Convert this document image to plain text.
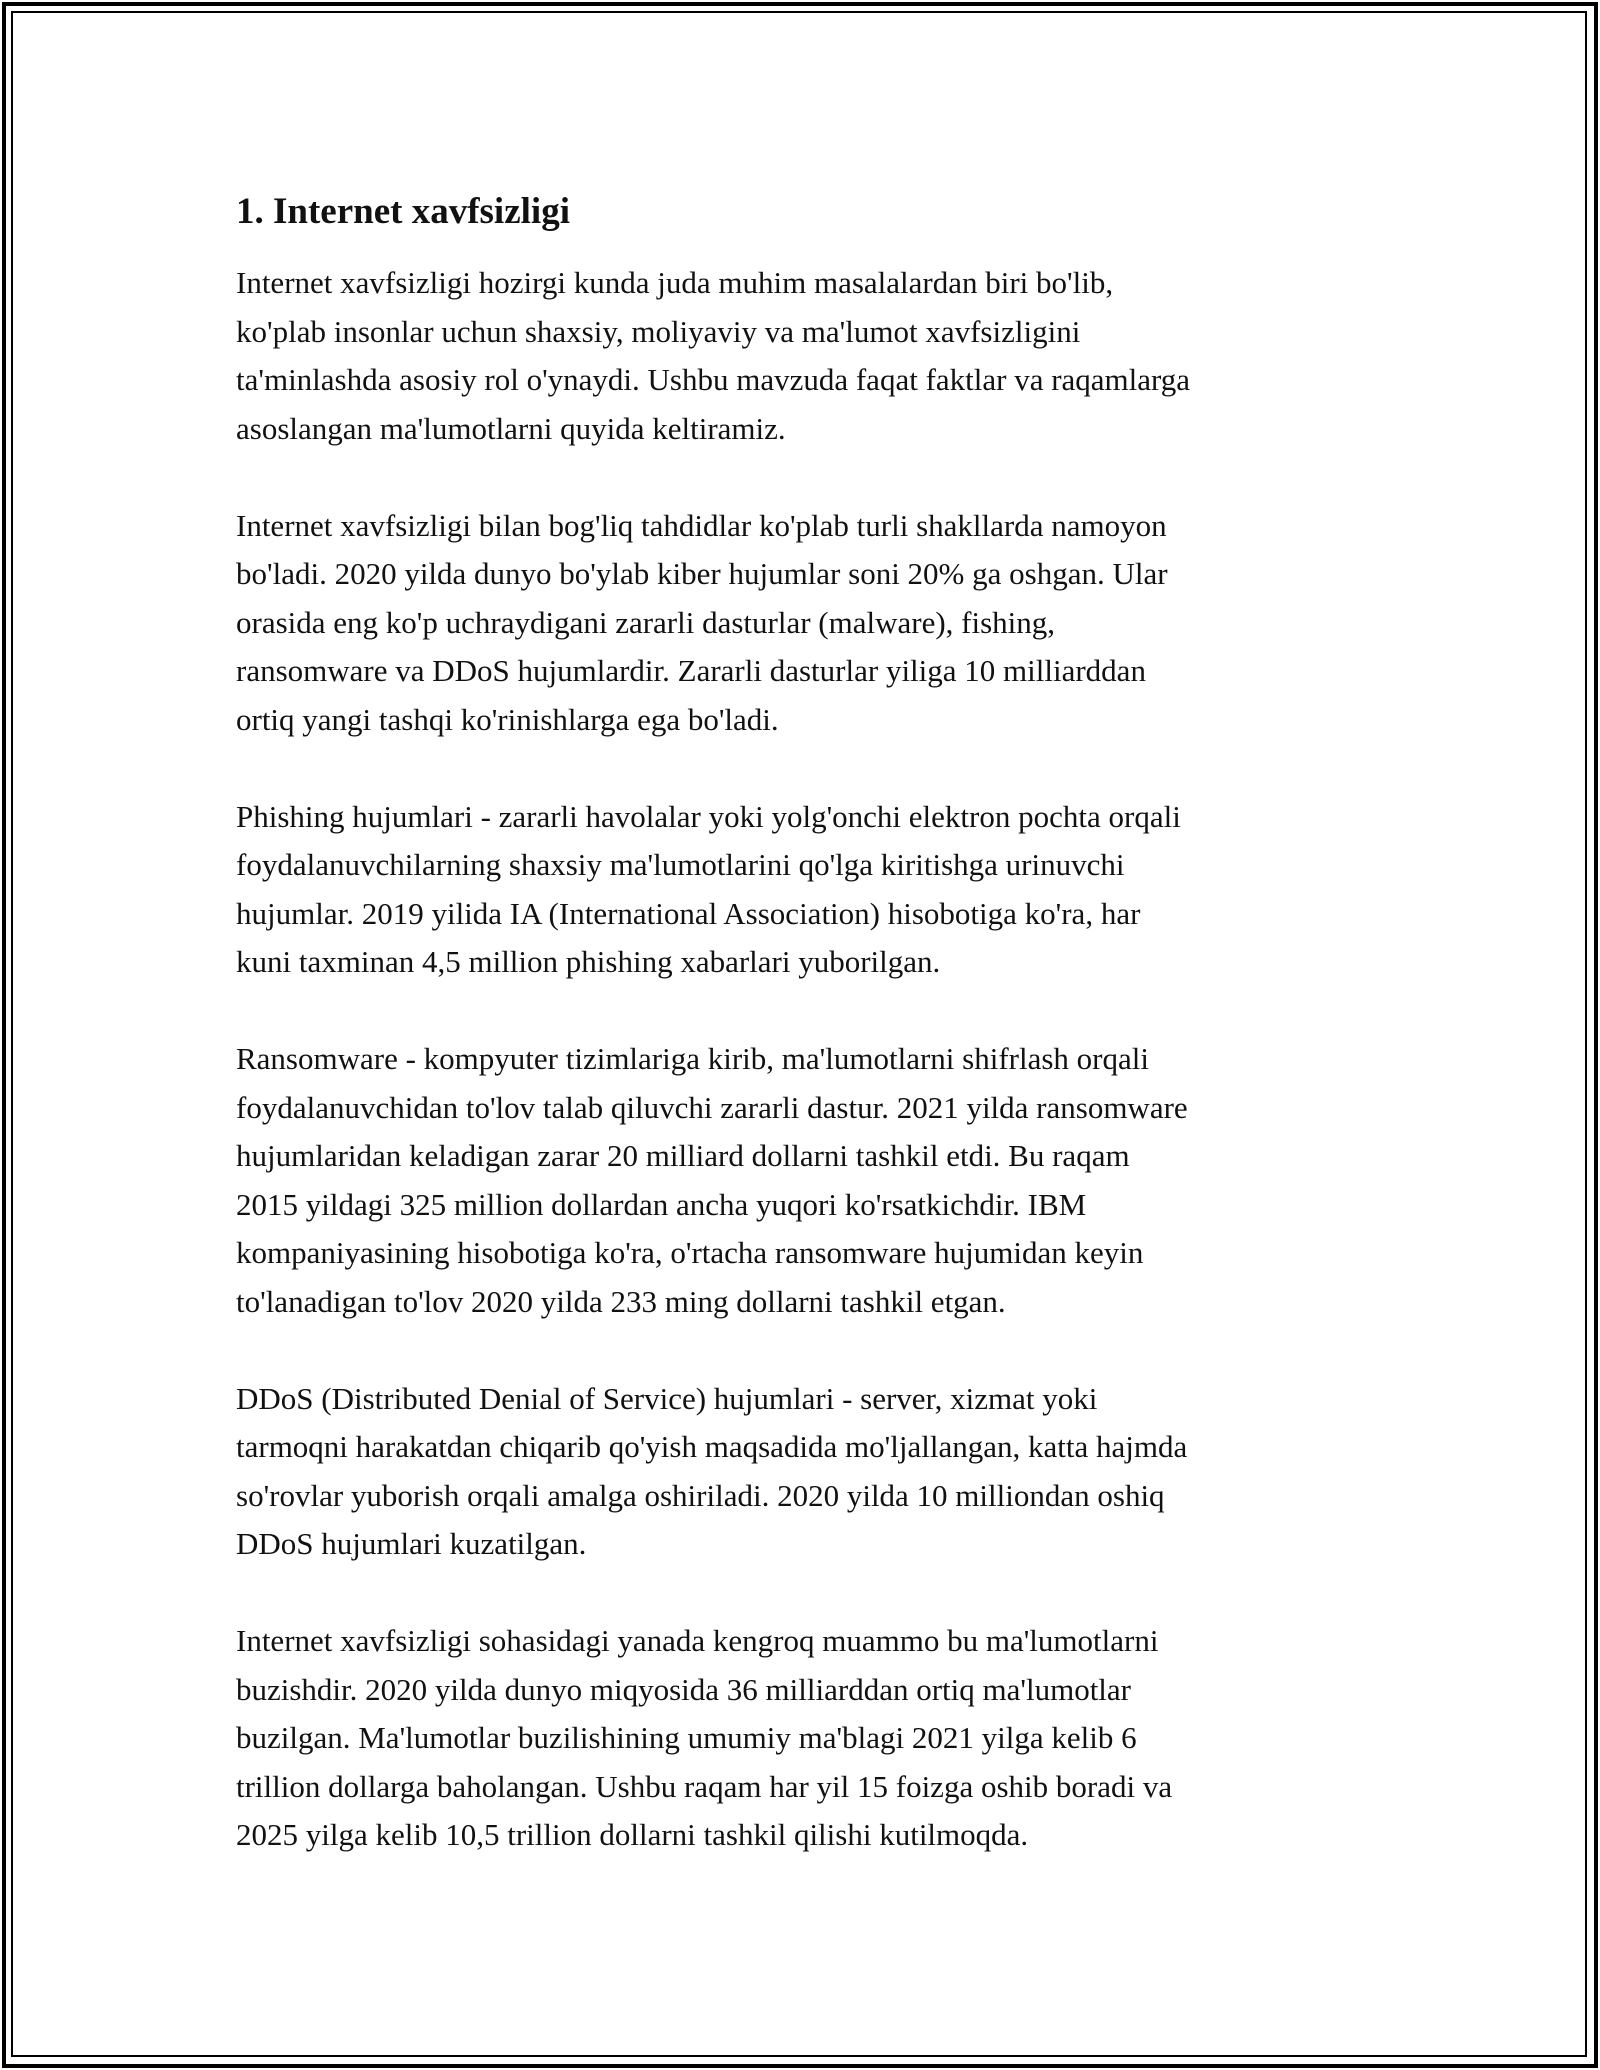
1. Internet xavfsizligi

Internet xavfsizligi hozirgi kunda juda muhim masalalardan biri bo'lib,
ko'plab insonlar uchun shaxsiy, moliyaviy va ma'lumot xavfsizligini
ta'minlashda asosiy rol o'ynaydi. Ushbu mavzuda faqat faktlar va raqamlarga
asoslangan ma'lumotlarni quyida keltiramiz.

Internet xavfsizligi bilan bog'liq tahdidlar ko'plab turli shakllarda namoyon
bo'ladi. 2020 yilda dunyo bo'ylab kiber hujumlar soni 20% ga oshgan. Ular
orasida eng ko'p uchraydigani zararli dasturlar (malware), fishing,
ransomware va DDoS hujumlardir. Zararli dasturlar yiliga 10 milliarddan
ortiq yangi tashqi ko'rinishlarga ega bo'ladi.

Phishing hujumlari - zararli havolalar yoki yolg'onchi elektron pochta orqali
foydalanuvchilarning shaxsiy ma'lumotlarini qo'lga kiritishga urinuvchi
hujumlar. 2019 yilida IA (International Association) hisobotiga ko'ra, har
kuni taxminan 4,5 million phishing xabarlari yuborilgan.

Ransomware - kompyuter tizimlariga kirib, ma'lumotlarni shifrlash orqali
foydalanuvchidan to'lov talab qiluvchi zararli dastur. 2021 yilda ransomware
hujumlaridan keladigan zarar 20 milliard dollarni tashkil etdi. Bu raqam
2015 yildagi 325 million dollardan ancha yuqori ko'rsatkichdir. IBM
kompaniyasining hisobotiga ko'ra, o'rtacha ransomware hujumidan keyin
to'lanadigan to'lov 2020 yilda 233 ming dollarni tashkil etgan.

DDoS (Distributed Denial of Service) hujumlari - server, xizmat yoki
tarmoqni harakatdan chiqarib qo'yish maqsadida mo'ljallangan, katta hajmda
so'rovlar yuborish orqali amalga oshiriladi. 2020 yilda 10 milliondan oshiq
DDoS hujumlari kuzatilgan.

Internet xavfsizligi sohasidagi yanada kengroq muammo bu ma'lumotlarni
buzishdir. 2020 yilda dunyo miqyosida 36 milliarddan ortiq ma'lumotlar
buzilgan. Ma'lumotlar buzilishining umumiy ma'blagi 2021 yilga kelib 6
trillion dollarga baholangan. Ushbu raqam har yil 15 foizga oshib boradi va
2025 yilga kelib 10,5 trillion dollarni tashkil qilishi kutilmoqda.
